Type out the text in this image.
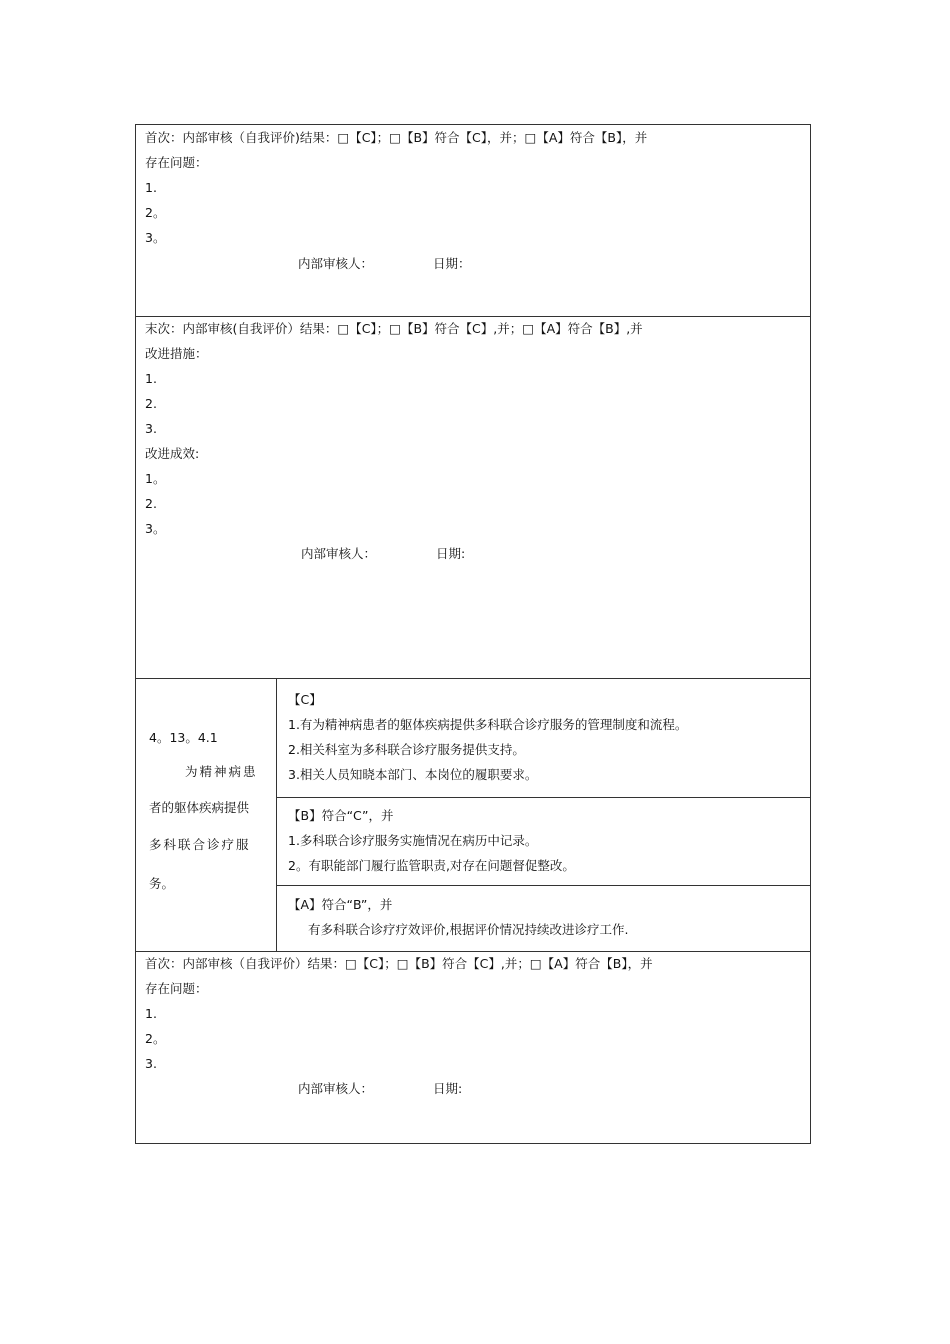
首次：内部审核（自我评价)结果：□【C】；□【B】符合【C】，并；□【A】符合【B】，并
存在问题：
1.
2。
3。
内部审核人：	日期：
末次：内部审核(自我评价）结果：□【C】；□【B】符合【C】,并；□【A】符合【B】,并
改进措施：
1.
2.
3.
改进成效:
1。
2.
3。
内部审核人：	日期:
4。13。4.1
为精神病患
者的躯体疾病提供
多科联合诊疗服
务。
【C】
1.有为精神病患者的躯体疾病提供多科联合诊疗服务的管理制度和流程。
2.相关科室为多科联合诊疗服务提供支持。
3.相关人员知晓本部门、本岗位的履职要求。
【B】符合“C”，并
1.多科联合诊疗服务实施情况在病历中记录。
2。有职能部门履行监管职责,对存在问题督促整改。
【A】符合“B”，并
有多科联合诊疗疗效评价,根据评价情况持续改进诊疗工作.
首次：内部审核（自我评价）结果：□【C】；□【B】符合【C】,并；□【A】符合【B】，并
存在问题：
1.
2。
3.
内部审核人：	日期:
